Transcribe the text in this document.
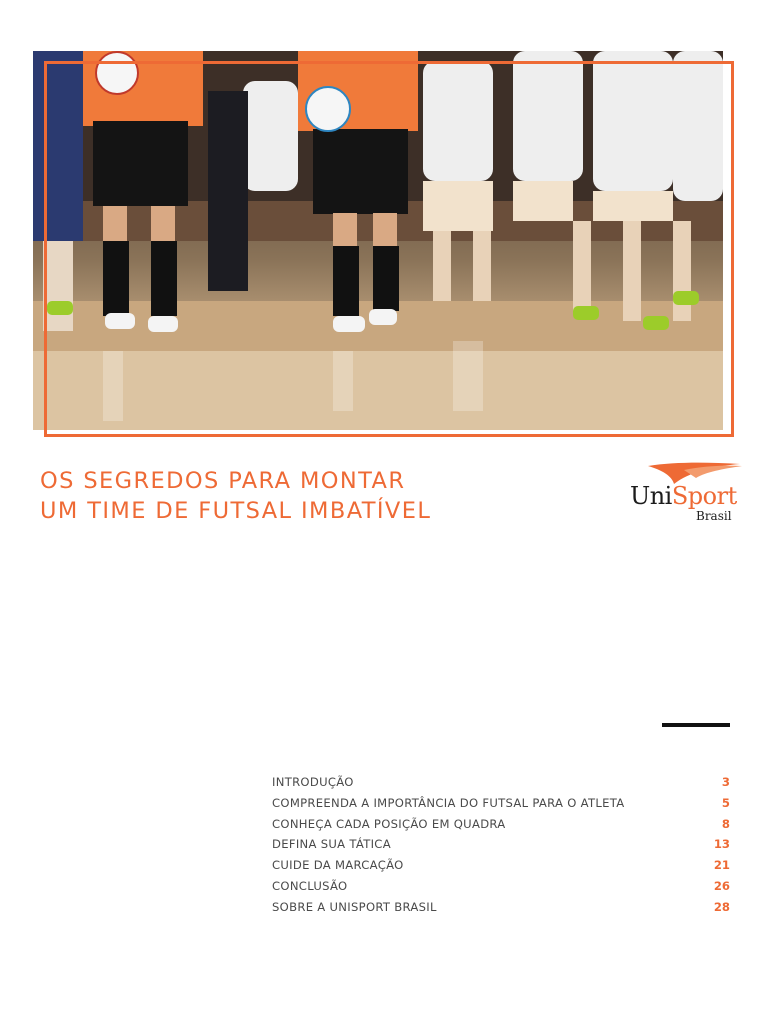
OS SEGREDOS PARA MONTAR
UM TIME DE FUTSAL IMBATÍVEL
UniSport
Brasil
INTRODUÇÃO	3
COMPREENDA A IMPORTÂNCIA DO FUTSAL PARA O ATLETA	5
CONHEÇA CADA POSIÇÃO EM QUADRA	8
DEFINA SUA TÁTICA	13
CUIDE DA MARCAÇÃO	21
CONCLUSÃO	26
SOBRE A UNISPORT BRASIL	28
